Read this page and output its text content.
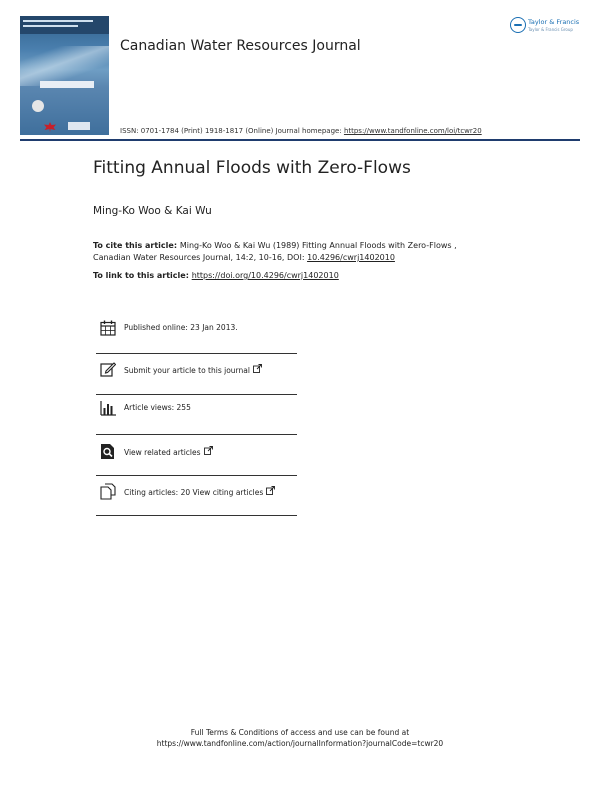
Canadian Water Resources Journal
ISSN: 0701-1784 (Print) 1918-1817 (Online) Journal homepage: https://www.tandfonline.com/loi/tcwr20
Taylor & Francis
Taylor & Francis Group
Fitting Annual Floods with Zero-Flows
Ming-Ko Woo & Kai Wu
To cite this article: Ming-Ko Woo & Kai Wu (1989) Fitting Annual Floods with Zero-Flows ,
Canadian Water Resources Journal, 14:2, 10-16, DOI: 10.4296/cwrj1402010
To link to this article: https://doi.org/10.4296/cwrj1402010
Published online: 23 Jan 2013.
Submit your article to this journal
Article views: 255
View related articles
Citing articles: 20 View citing articles
Full Terms & Conditions of access and use can be found at
https://www.tandfonline.com/action/journalInformation?journalCode=tcwr20
